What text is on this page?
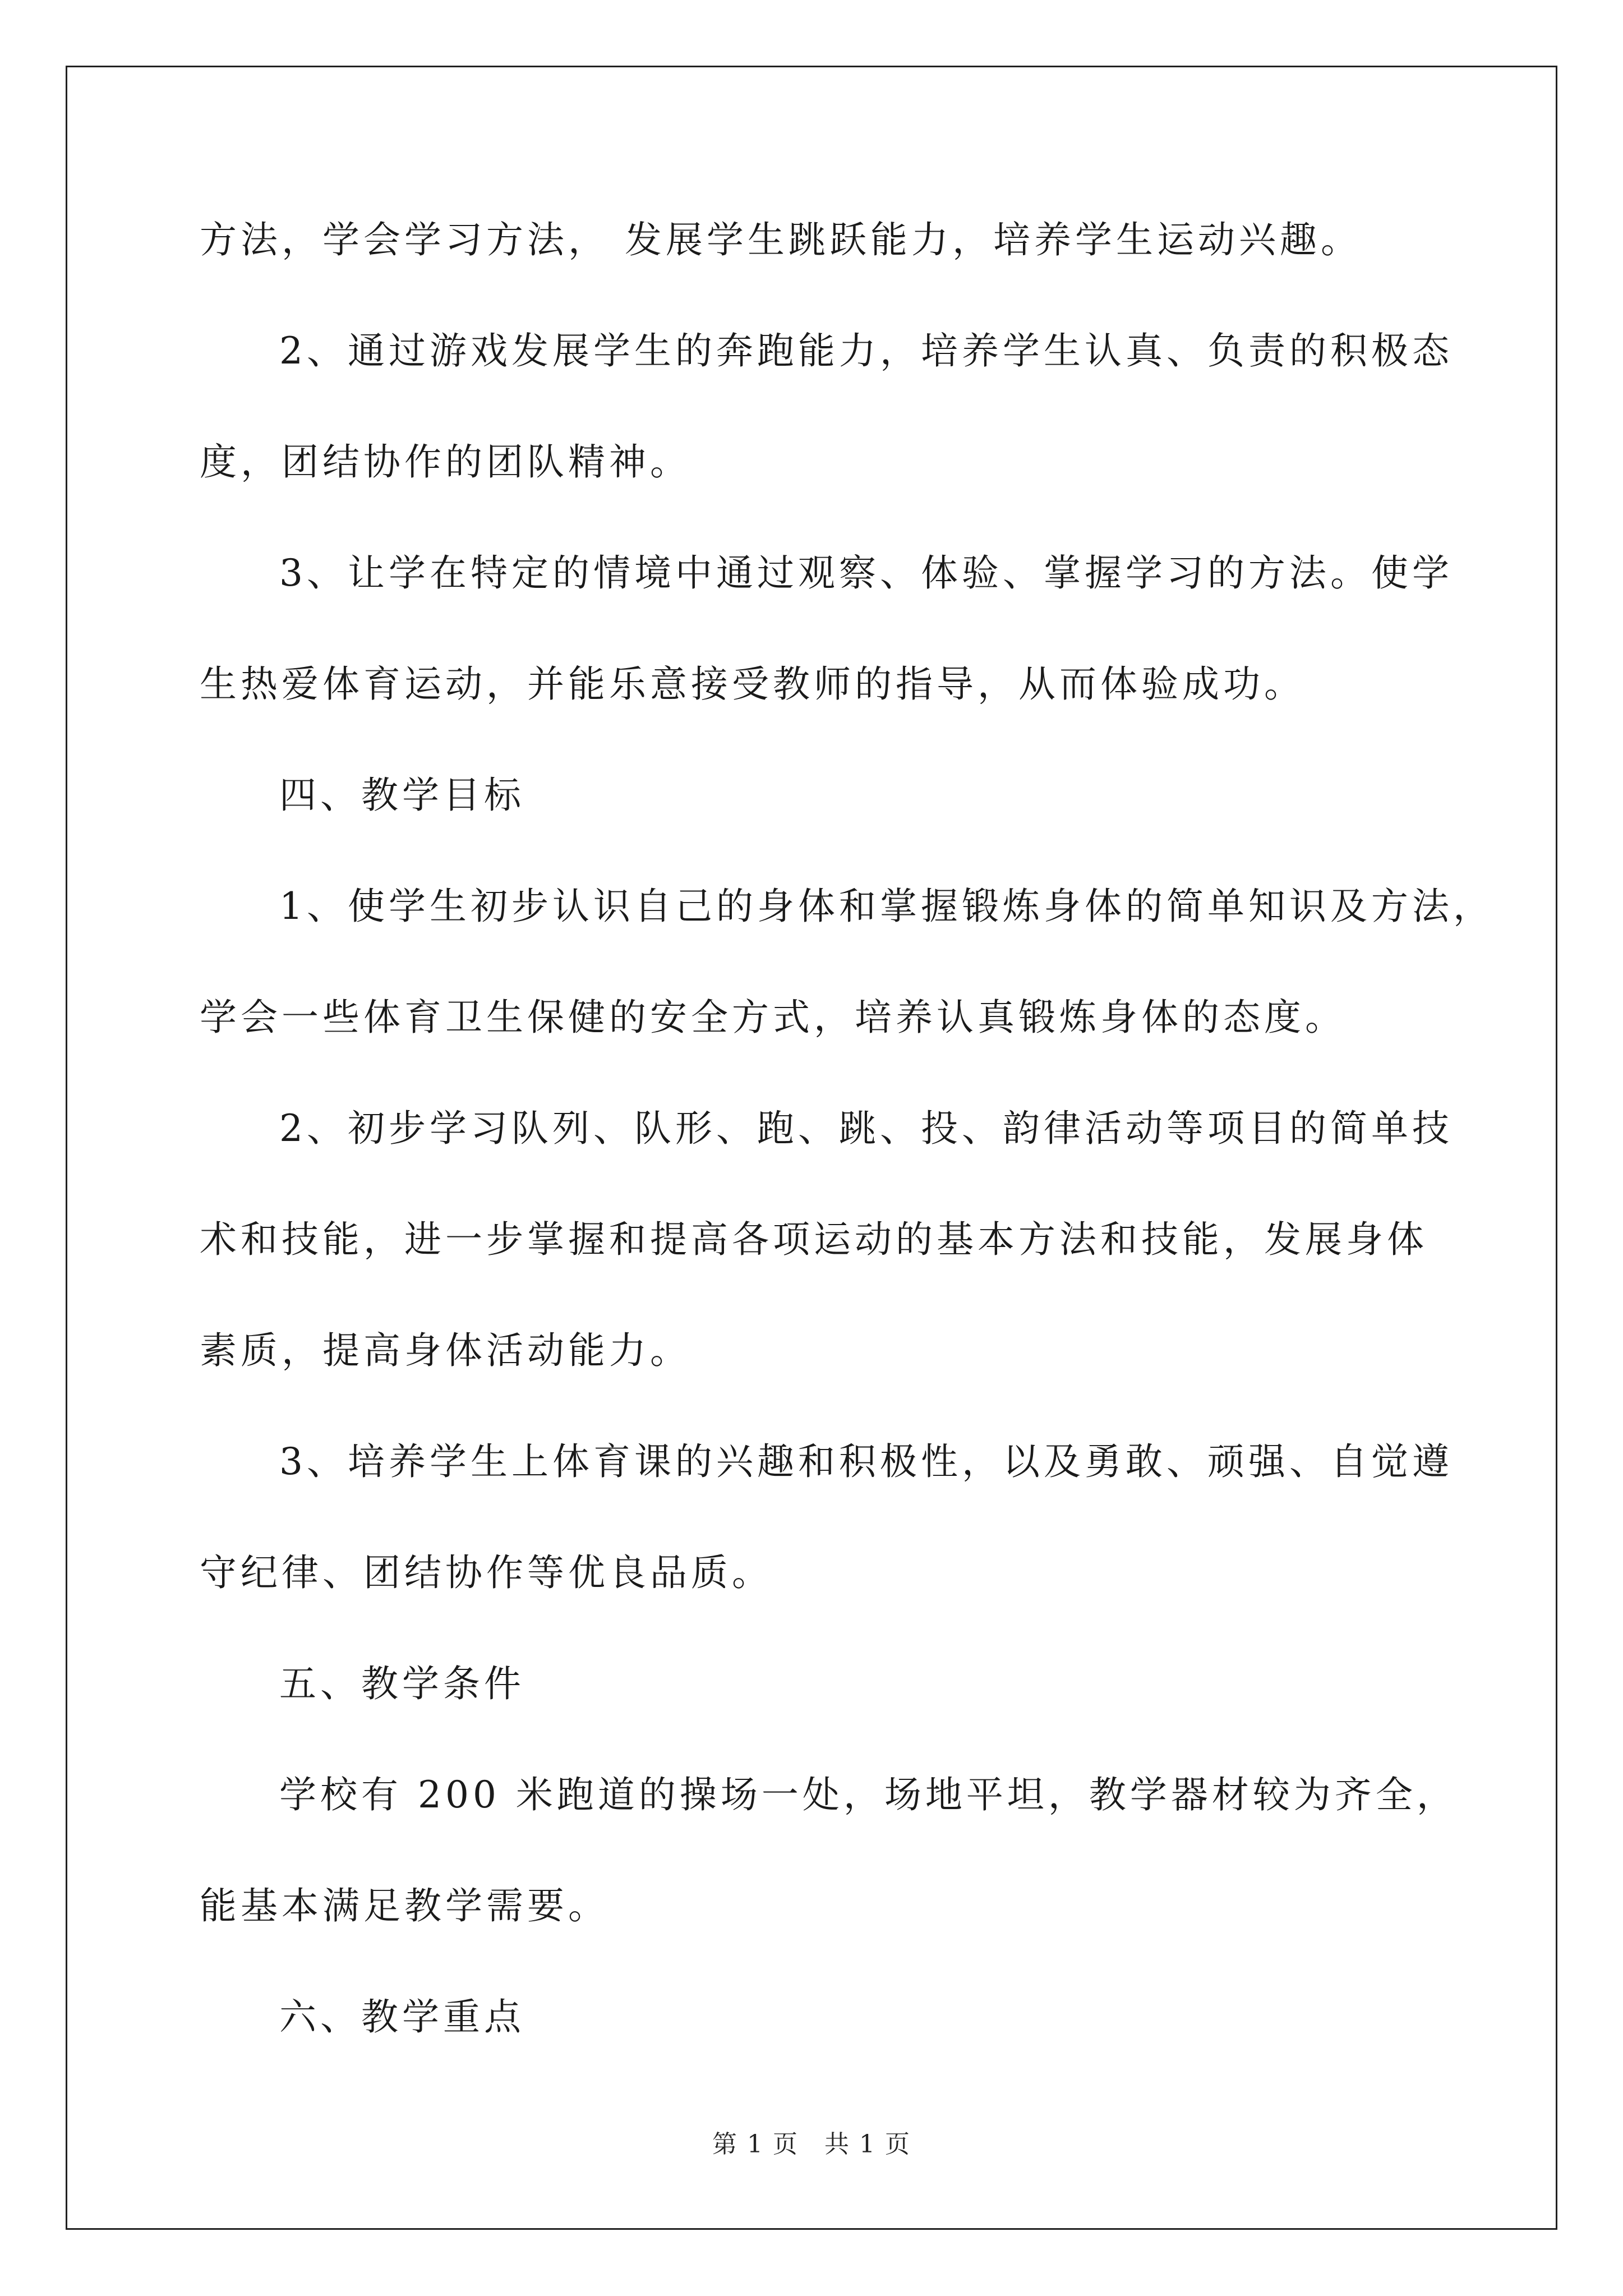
方法，学会学习方法， 发展学生跳跃能力，培养学生运动兴趣。
2、通过游戏发展学生的奔跑能力，培养学生认真、负责的积极态
度，团结协作的团队精神。
3、让学在特定的情境中通过观察、体验、掌握学习的方法。使学
生热爱体育运动，并能乐意接受教师的指导，从而体验成功。
四、教学目标
1、使学生初步认识自己的身体和掌握锻炼身体的简单知识及方法，
学会一些体育卫生保健的安全方式，培养认真锻炼身体的态度。
2、初步学习队列、队形、跑、跳、投、韵律活动等项目的简单技
术和技能，进一步掌握和提高各项运动的基本方法和技能，发展身体
素质，提高身体活动能力。
3、培养学生上体育课的兴趣和积极性，以及勇敢、顽强、自觉遵
守纪律、团结协作等优良品质。
五、教学条件
学校有 200 米跑道的操场一处，场地平坦，教学器材较为齐全，
能基本满足教学需要。
六、教学重点
第 1 页　共 1 页
